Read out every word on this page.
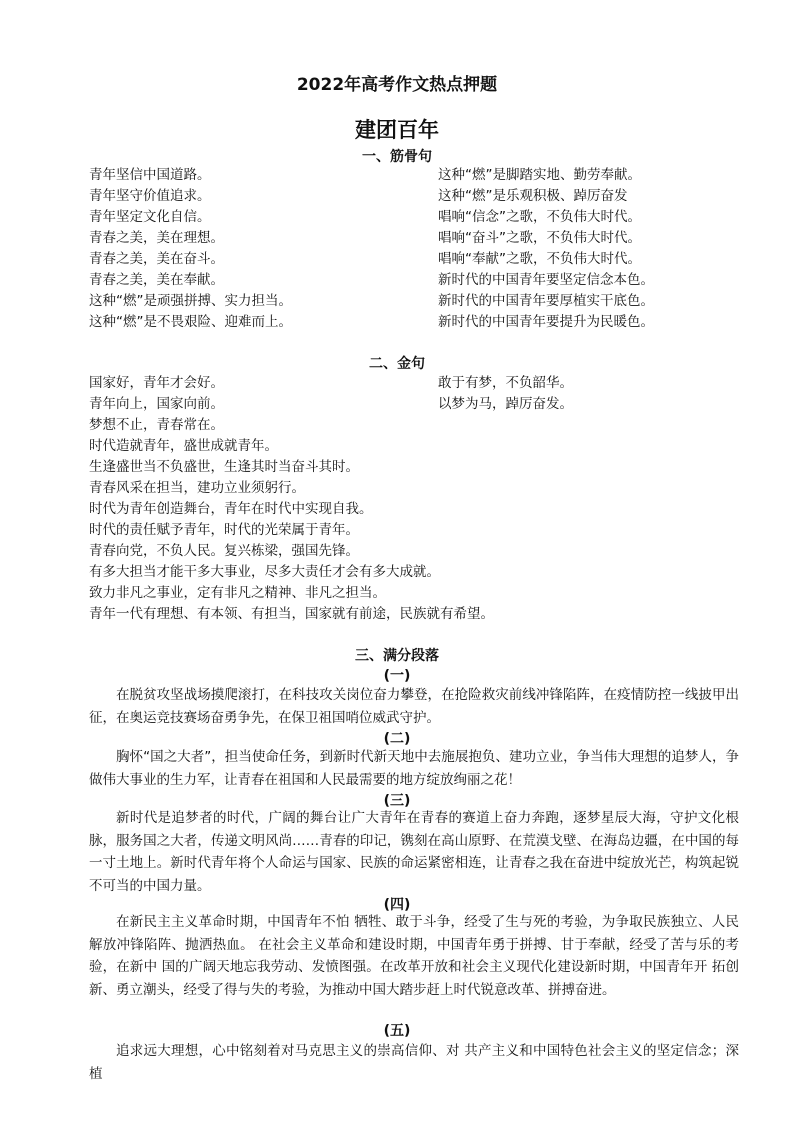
2022年高考作文热点押题
建团百年
一、筋骨句
青年坚信中国道路。
青年坚守价值追求。
青年坚定文化自信。
青春之美，美在理想。
青春之美，美在奋斗。
青春之美，美在奉献。
这种“燃”是顽强拼搏、实力担当。
这种“燃”是不畏艰险、迎难而上。
这种“燃”是脚踏实地、勤劳奉献。
这种“燃”是乐观积极、踔厉奋发
唱响“信念”之歌，不负伟大时代。
唱响“奋斗”之歌，不负伟大时代。
唱响“奉献”之歌，不负伟大时代。
新时代的中国青年要坚定信念本色。
新时代的中国青年要厚植实干底色。
新时代的中国青年要提升为民暖色。
二、金句
敢于有梦，不负韶华。
以梦为马，踔厉奋发。
国家好，青年才会好。
青年向上，国家向前。
梦想不止，青春常在。
时代造就青年，盛世成就青年。
生逢盛世当不负盛世，生逢其时当奋斗其时。
青春风采在担当，建功立业须躬行。
时代为青年创造舞台，青年在时代中实现自我。
时代的责任赋予青年，时代的光荣属于青年。
青春向党，不负人民。复兴栋梁，强国先锋。
有多大担当才能干多大事业，尽多大责任才会有多大成就。
致力非凡之事业，定有非凡之精神、非凡之担当。
青年一代有理想、有本领、有担当，国家就有前途，民族就有希望。
三、满分段落
(一)
在脱贫攻坚战场摸爬滚打，在科技攻关岗位奋力攀登，在抢险救灾前线冲锋陷阵，在疫情防控一线披甲出征，在奥运竞技赛场奋勇争先，在保卫祖国哨位威武守护。
(二)
胸怀“国之大者”，担当使命任务，到新时代新天地中去施展抱负、建功立业，争当伟大理想的追梦人，争做伟大事业的生力军，让青春在祖国和人民最需要的地方绽放绚丽之花！
(三)
新时代是追梦者的时代，广阔的舞台让广大青年在青春的赛道上奋力奔跑，逐梦星辰大海，守护文化根脉，服务国之大者，传递文明风尚……青春的印记，镌刻在高山原野、在荒漠戈壁、在海岛边疆，在中国的每一寸土地上。新时代青年将个人命运与国家、民族的命运紧密相连，让青春之我在奋进中绽放光芒，构筑起锐不可当的中国力量。
(四)
在新民主主义革命时期，中国青年不怕 牺牲、敢于斗争，经受了生与死的考验，为争取民族独立、人民解放冲锋陷阵、抛洒热血。 在社会主义革命和建设时期，中国青年勇于拼搏、甘于奉献，经受了苦与乐的考验，在新中 国的广阔天地忘我劳动、发愤图强。在改革开放和社会主义现代化建设新时期，中国青年开 拓创新、勇立潮头，经受了得与失的考验，为推动中国大踏步赶上时代锐意改革、拼搏奋进。
(五)
追求远大理想，心中铭刻着对马克思主义的崇高信仰、对 共产主义和中国特色社会主义的坚定信念；深植
